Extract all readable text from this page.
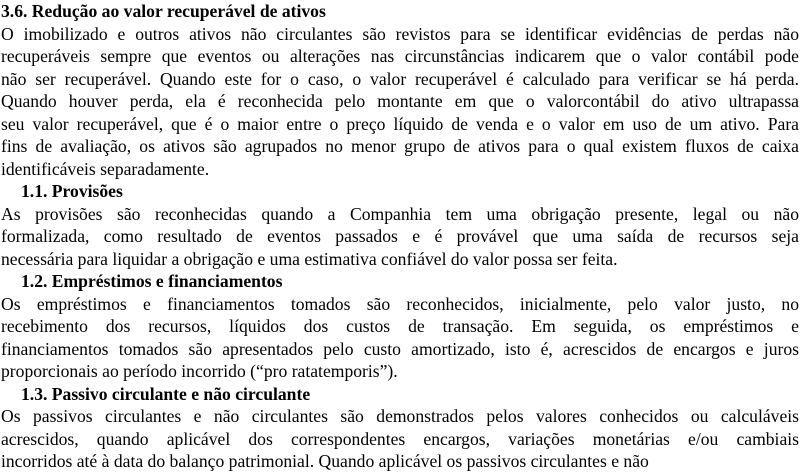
3.6. Redução ao valor recuperável de ativos
O imobilizado e outros ativos não circulantes são revistos para se identificar evidências de perdas não
recuperáveis sempre que eventos ou alterações nas circunstâncias indicarem que o valor contábil pode
não ser recuperável. Quando este for o caso, o valor recuperável é calculado para verificar se há perda.
Quando houver perda, ela é reconhecida pelo montante em que o valorcontábil do ativo ultrapassa
seu valor recuperável, que é o maior entre o preço líquido de venda e o valor em uso de um ativo. Para
fins de avaliação, os ativos são agrupados no menor grupo de ativos para o qual existem fluxos de caixa
identificáveis separadamente.
1.1. Provisões
As provisões são reconhecidas quando a Companhia tem uma obrigação presente, legal ou não
formalizada, como resultado de eventos passados e é provável que uma saída de recursos seja
necessária para liquidar a obrigação e uma estimativa confiável do valor possa ser feita.
1.2. Empréstimos e financiamentos
Os empréstimos e financiamentos tomados são reconhecidos, inicialmente, pelo valor justo, no
recebimento dos recursos, líquidos dos custos de transação. Em seguida, os empréstimos e
financiamentos tomados são apresentados pelo custo amortizado, isto é, acrescidos de encargos e juros
proporcionais ao período incorrido (“pro ratatemporis”).
1.3. Passivo circulante e não circulante
Os passivos circulantes e não circulantes são demonstrados pelos valores conhecidos ou calculáveis
acrescidos, quando aplicável dos correspondentes encargos, variações monetárias e/ou cambiais
incorridos até à data do balanço patrimonial. Quando aplicável os passivos circulantes e não
